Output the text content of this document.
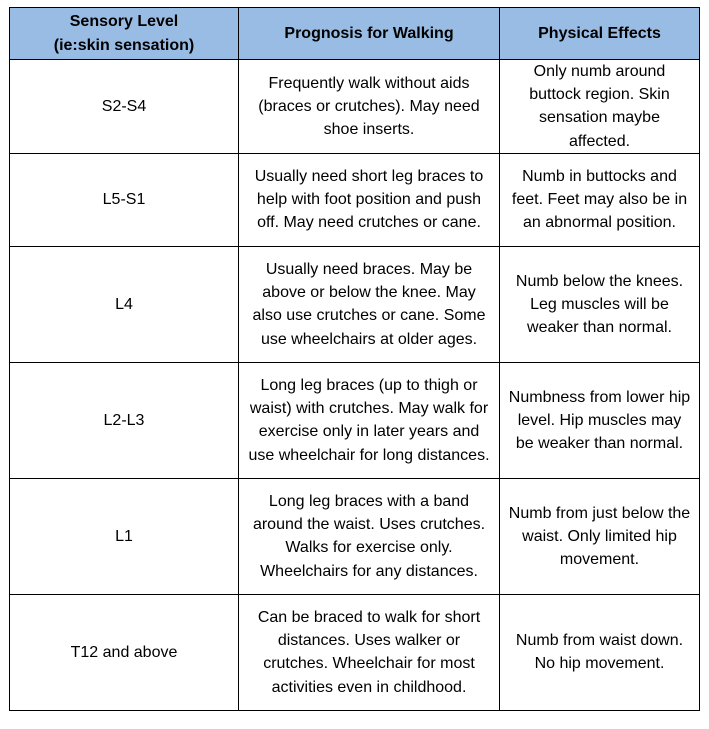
Sensory Level
(ie:skin sensation)	Prognosis for Walking	Physical Effects
S2-S4	Frequently walk without aids (braces or crutches). May need shoe inserts.	Only numb around buttock region. Skin sensation maybe affected.
L5-S1	Usually need short leg braces to help with foot position and push off. May need crutches or cane.	Numb in buttocks and feet. Feet may also be in an abnormal position.
L4	Usually need braces. May be above or below the knee. May also use crutches or cane. Some use wheelchairs at older ages.	Numb below the knees. Leg muscles will be weaker than normal.
L2-L3	Long leg braces (up to thigh or waist) with crutches. May walk for exercise only in later years and use wheelchair for long distances.	Numbness from lower hip level. Hip muscles may be weaker than normal.
L1	Long leg braces with a band around the waist. Uses crutches. Walks for exercise only. Wheelchairs for any distances.	Numb from just below the waist. Only limited hip movement.
T12 and above	Can be braced to walk for short distances. Uses walker or crutches. Wheelchair for most activities even in childhood.	Numb from waist down. No hip movement.
